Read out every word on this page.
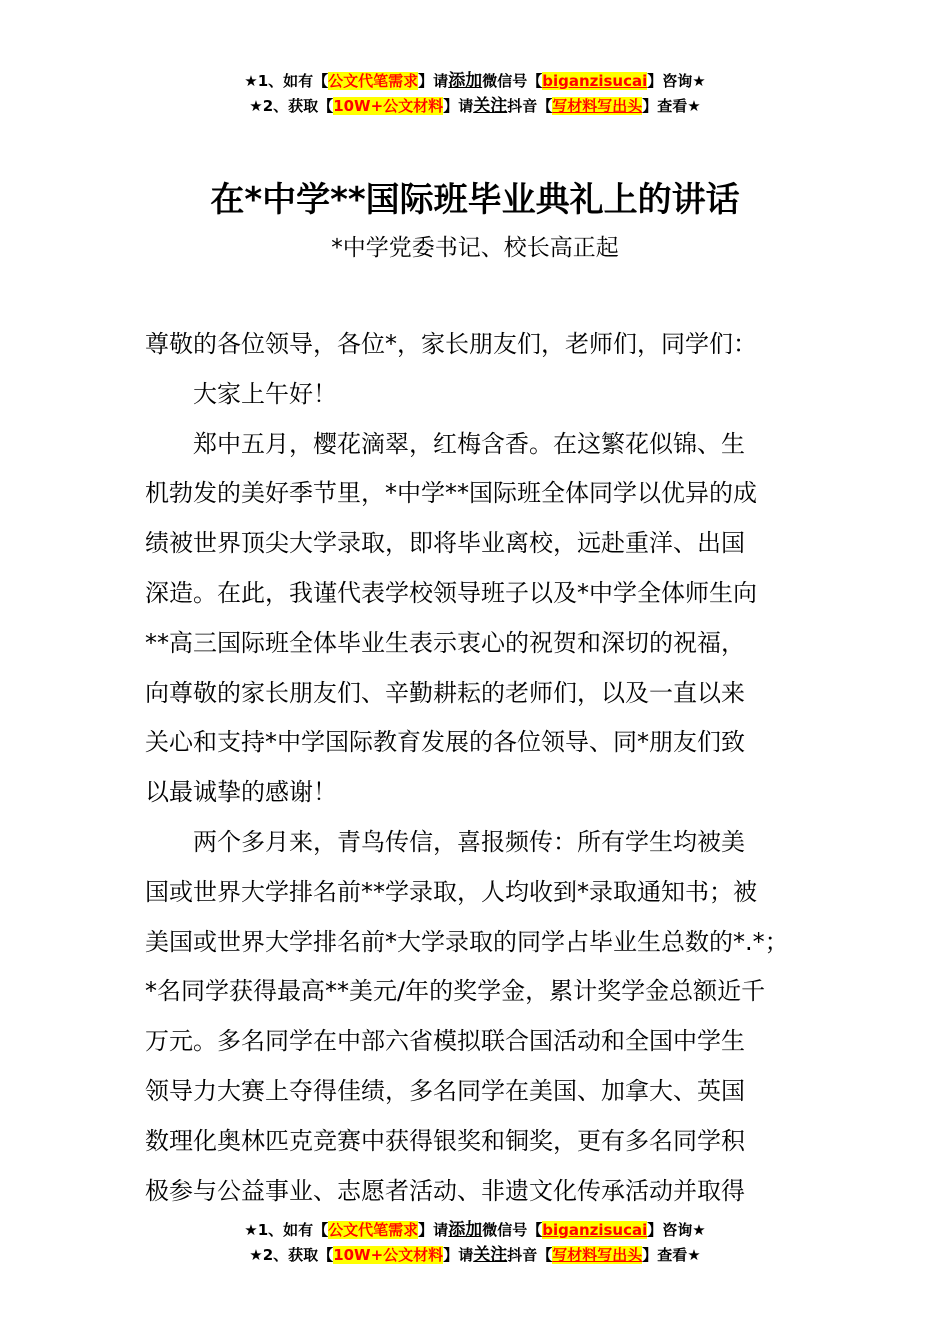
★1、如有【公文代笔需求】请添加微信号【biganzisucai】咨询★
★2、获取【10W+公文材料】请关注抖音【写材料写出头】查看★
在*中学**国际班毕业典礼上的讲话
*中学党委书记、校长高正起
尊敬的各位领导，各位*，家长朋友们，老师们，同学们：
　　大家上午好！
　　郑中五月，樱花滴翠，红梅含香。在这繁花似锦、生
机勃发的美好季节里，*中学**国际班全体同学以优异的成
绩被世界顶尖大学录取，即将毕业离校，远赴重洋、出国
深造。在此，我谨代表学校领导班子以及*中学全体师生向
**高三国际班全体毕业生表示衷心的祝贺和深切的祝福，
向尊敬的家长朋友们、辛勤耕耘的老师们，以及一直以来
关心和支持*中学国际教育发展的各位领导、同*朋友们致
以最诚挚的感谢！
　　两个多月来，青鸟传信，喜报频传：所有学生均被美
国或世界大学排名前**学录取，人均收到*录取通知书；被
美国或世界大学排名前*大学录取的同学占毕业生总数的*.*；
*名同学获得最高**美元/年的奖学金，累计奖学金总额近千
万元。多名同学在中部六省模拟联合国活动和全国中学生
领导力大赛上夺得佳绩，多名同学在美国、加拿大、英国
数理化奥林匹克竞赛中获得银奖和铜奖，更有多名同学积
极参与公益事业、志愿者活动、非遗文化传承活动并取得
★1、如有【公文代笔需求】请添加微信号【biganzisucai】咨询★
★2、获取【10W+公文材料】请关注抖音【写材料写出头】查看★
